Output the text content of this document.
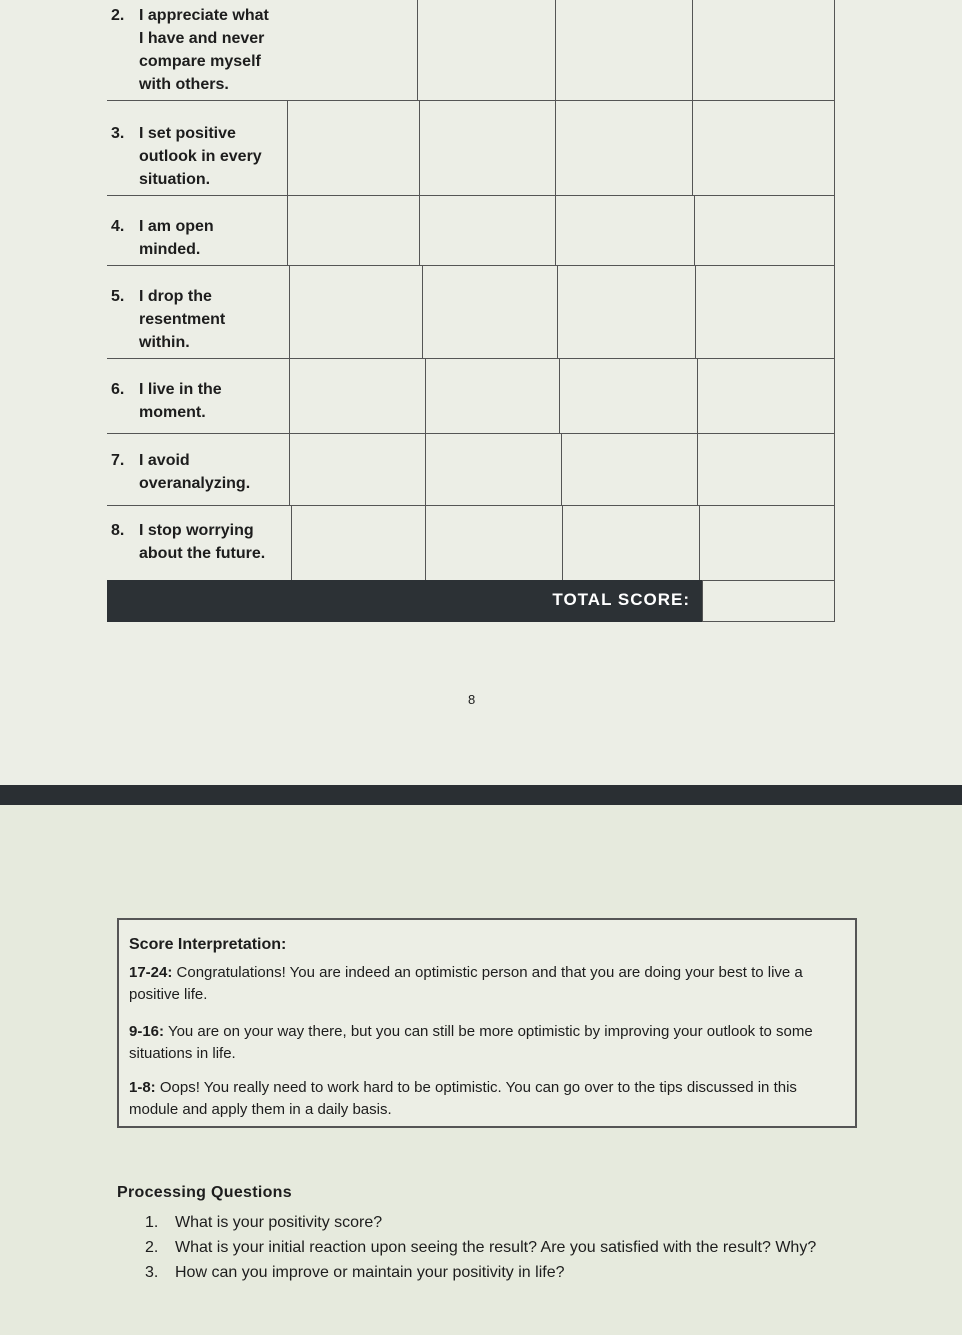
2. I appreciate what
I have and never
compare myself
with others.
3. I set positive
outlook in every
situation.
4. I am open
minded.
5. I drop the
resentment
within.
6. I live in the
moment.
7. I avoid
overanalyzing.
8. I stop worrying
about the future.
TOTAL SCORE:
8
Score Interpretation:
17-24: Congratulations! You are indeed an optimistic person and that you are doing your best to live a positive life.
9-16: You are on your way there, but you can still be more optimistic by improving your outlook to some situations in life.
1-8: Oops! You really need to work hard to be optimistic. You can go over to the tips discussed in this module and apply them in a daily basis.
Processing Questions
1. What is your positivity score?
2. What is your initial reaction upon seeing the result? Are you satisfied with the result? Why?
3. How can you improve or maintain your positivity in life?
